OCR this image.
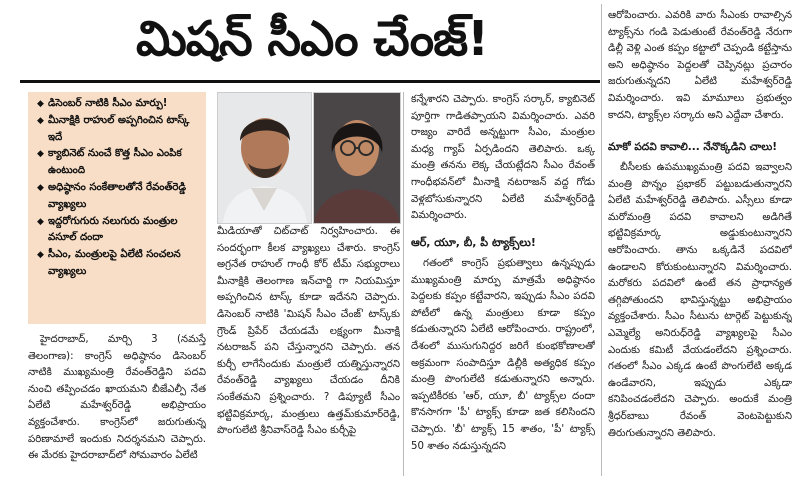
మిషన్ సీఎం చేంజ్!
◆ డిసెంబర్ నాటికి సీఎం మార్పు!
◆ మీనాక్షికి రాహుల్ అప్పగించిన టాస్క్ ఇదే
◆ క్యాబినెట్ నుంచే కొత్త సీఎం ఎంపిక ఉంటుంది
◆ అధిష్ఠానం సంకేతాలతోనే రేవంత్‌రెడ్డి వ్యాఖ్యలు
◆ ఇద్దరోగుగురు నలుగురు మంత్రుల వసూల్ దందా
◆ సీఎం, మంత్రులపై ఏలేటి సంచలన వ్యాఖ్యలు

హైదరాబాద్, మార్చి 3 (నమస్తే తెలంగాణ): కాంగ్రెస్ అధిష్ఠానం డిసెంబర్ నాటికి ముఖ్యమంత్రి రేవంత్‌రెడ్డిని పదవి నుంచి తప్పించడం ఖాయమని బీజేఎల్పీ నేత ఏలేటి మహేశ్వర్‌రెడ్డి అభిప్రాయం వ్యక్తంచేశారు. కాంగ్రెస్‌లో జరుగుతున్న పరిణామాలే ఇందుకు నిదర్శనమని చెప్పారు. ఈ మేరకు హైదరాబాద్‌లో సోమవారం ఏలేటి

మీడియాతో చిట్‌చాట్ నిర్వహించారు. ఈ సందర్భంగా కీలక వ్యాఖ్యలు చేశారు. కాంగ్రెస్ అగ్రనేత రాహుల్ గాంధీ కోర్ టీమ్ సభ్యురాలు మీనాక్షికి తెలంగాణ ఇన్‌చార్జి గా నియమిస్తూ అప్పగించిన టాస్క్ కూడా ఇదేనని చెప్పారు. డిసెంబర్ నాటికి 'మిషన్ సీఎం చేంజ్' టాస్క్‌కు గ్రౌండ్ ప్రిపేర్ చేయడమే లక్ష్యంగా మీనాక్షి నటరాజన్ పని చేస్తున్నారని చెప్పారు. తన కుర్చీ లాగేసేందుకు మంత్రులే యత్నిస్తున్నారని రేవంత్‌రెడ్డి వ్యాఖ్యలు చేయడం దీనికి సంకేతమని ప్రశ్నించారు. ? డిప్యూటీ సీఎం భట్టివిక్రమార్క, మంత్రులు ఉత్తమ్‌కుమార్‌రెడ్డి, పొంగులేటి శ్రీనివాస్‌రెడ్డి సీఎం కుర్చీపై

కన్నేశారని చెప్పారు. కాంగ్రెస్ సర్కార్, క్యాబినెట్ పూర్తిగా గాడితప్పాయని విమర్శించారు. ఎవరి రాజ్యం వారిదే అన్నట్టుగా సీఎం, మంత్రుల మధ్య గ్యాప్ ఏర్పడిందని తెలిపారు. ఒక్క మంత్రి తనను లెక్క చేయట్లేదని సీఎం రేవంత్ గాంధీభవన్‌లో మీనాక్షి నటరాజన్ వద్ద గోడు వెళ్లబోసుకున్నారని ఏలేటి మహేశ్వర్‌రెడ్డి విమర్శించారు.

ఆర్, యూ, బీ, పీ ట్యాక్స్‌లు!

గతంలో కాంగ్రెస్ ప్రభుత్వాలు ఉన్నప్పుడు ముఖ్యమంత్రి మార్పు మాత్రమే అధిష్ఠానం పెద్దలకు కప్పం కట్టేవారని, ఇప్పుడు సీఎం పదవి పోటీలో ఉన్న మంత్రులు కూడా కప్పం కడుతున్నారని ఏలేటి ఆరోపించారు. రాష్ట్రంలో, దేశంలో ముసుగునిద్దర జరిగే కుంభకోణాలతో అక్రమంగా సంపాదిస్తూ డిల్లీకి అత్యధిక కప్పం మంత్రి పొంగులేటి కడుతున్నారని అన్నారు. ఇప్పటికీరకు 'ఆర్, యూ, బీ' ట్యాక్స్‌ల దందా కొనసాగగా 'పీ' ట్యాక్స్ కూడా జత కలిసిందని చెప్పారు. 'బీ' ట్యాక్స్ 15 శాతం, 'పీ' ట్యాక్స్ 50 శాతం నడుస్తున్నదని

ఆరోపించారు. ఎవరికి వారు సీఎంకు రావాల్సిన ట్యాక్స్‌ను గండి పెడుతుంటే రేవంత్‌రెడ్డి నేరుగా డిల్లీ వెళ్లి ఎంత కప్పం కట్టాలో చెప్పండి కట్టేస్తాను అని అధిష్ఠానం పెద్దలతో చెప్పినట్లు ప్రచారం జరుగుతున్నదని ఏలేటి మహేశ్వర్‌రెడ్డి విమర్శించారు. ఇవి మామూలు ప్రభుత్వం కాదని, ట్యాక్స్‌ల సర్కారు అని ఎద్దేవా చేశారు.

మాకో పదవి కావాలి... నేనొక్కడిని చాలు!

బీసీలకు ఉపముఖ్యమంత్రి పదవి ఇవ్వాలని మంత్రి పొన్నం ప్రభాకర్ పట్టుబడుతున్నారని ఏలేటి మహేశ్వర్‌రెడ్డి తెలిపారు. ఎస్సీలు కూడా మరోమంత్రి పదవి కావాలని అడిగితే భట్టివిక్రమార్క అడ్డుకుంటున్నారని ఆరోపించారు. తాను ఒక్కడినే పదవిలో ఉండాలని కోరుకుంటున్నారని విమర్శించారు. మరోకరు పదవిలో ఉంటే తన ప్రాధాన్యత తగ్గిపోతుందని భావిస్తున్నట్టు అభిప్రాయం వ్యక్తంచేశారు. సీఎం సీటును టార్గెట్ పెట్టుకున్న ఎమ్మెల్యే అనిరుధ్‌రెడ్డి వ్యాఖ్యలపై సీఎం ఎందుకు కమిటీ వేయడంలేదని ప్రశ్నించారు. గతంలో సీఎం ఎక్కడ ఉంటే పొంగులేటి అక్కడ ఉండేవారని, ఇప్పుడు ఎక్కడా కనిపించడంలేదని చెప్పారు. అందుకే మంత్రి శ్రీధర్‌బాబు రేవంత్ వెంటపెట్టుకుని తిరుగుతున్నారని తెలిపారు.
